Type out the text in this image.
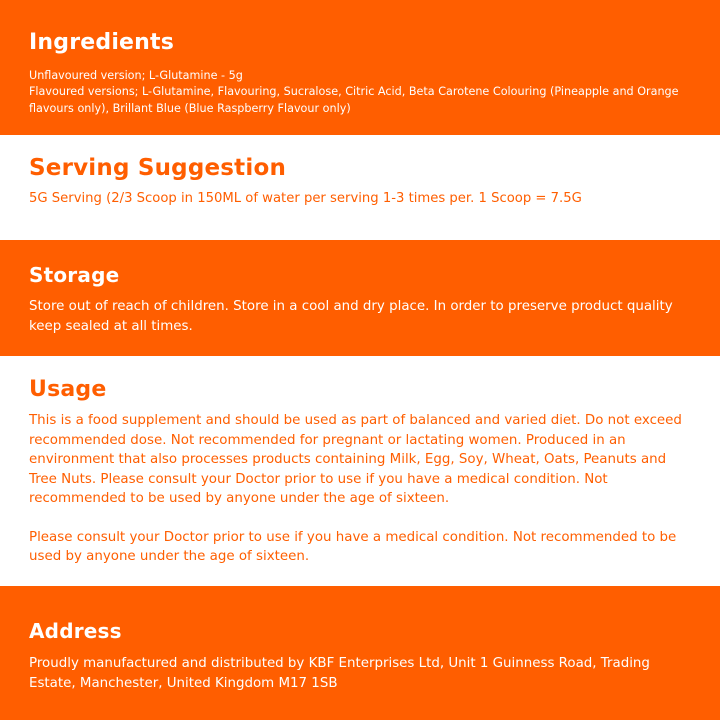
Ingredients

Unflavoured version; L-Glutamine - 5g

Flavoured versions; L-Glutamine, Flavouring, Sucralose, Citric Acid, Beta Carotene Colouring (Pineapple and Orange flavours only), Brillant Blue (Blue Raspberry Flavour only)

Serving Suggestion

5G Serving (2/3 Scoop in 150ML of water per serving 1-3 times per. 1 Scoop = 7.5G

Storage

Store out of reach of children. Store in a cool and dry place. In order to preserve product quality keep sealed at all times.

Usage

This is a food supplement and should be used as part of balanced and varied diet. Do not exceed recommended dose. Not recommended for pregnant or lactating women. Produced in an environment that also processes products containing Milk, Egg, Soy, Wheat, Oats, Peanuts and Tree Nuts. Please consult your Doctor prior to use if you have a medical condition. Not recommended to be used by anyone under the age of sixteen.

Please consult your Doctor prior to use if you have a medical condition. Not recommended to be used by anyone under the age of sixteen.

Address

Proudly manufactured and distributed by KBF Enterprises Ltd, Unit 1 Guinness Road, Trading Estate, Manchester, United Kingdom M17 1SB
